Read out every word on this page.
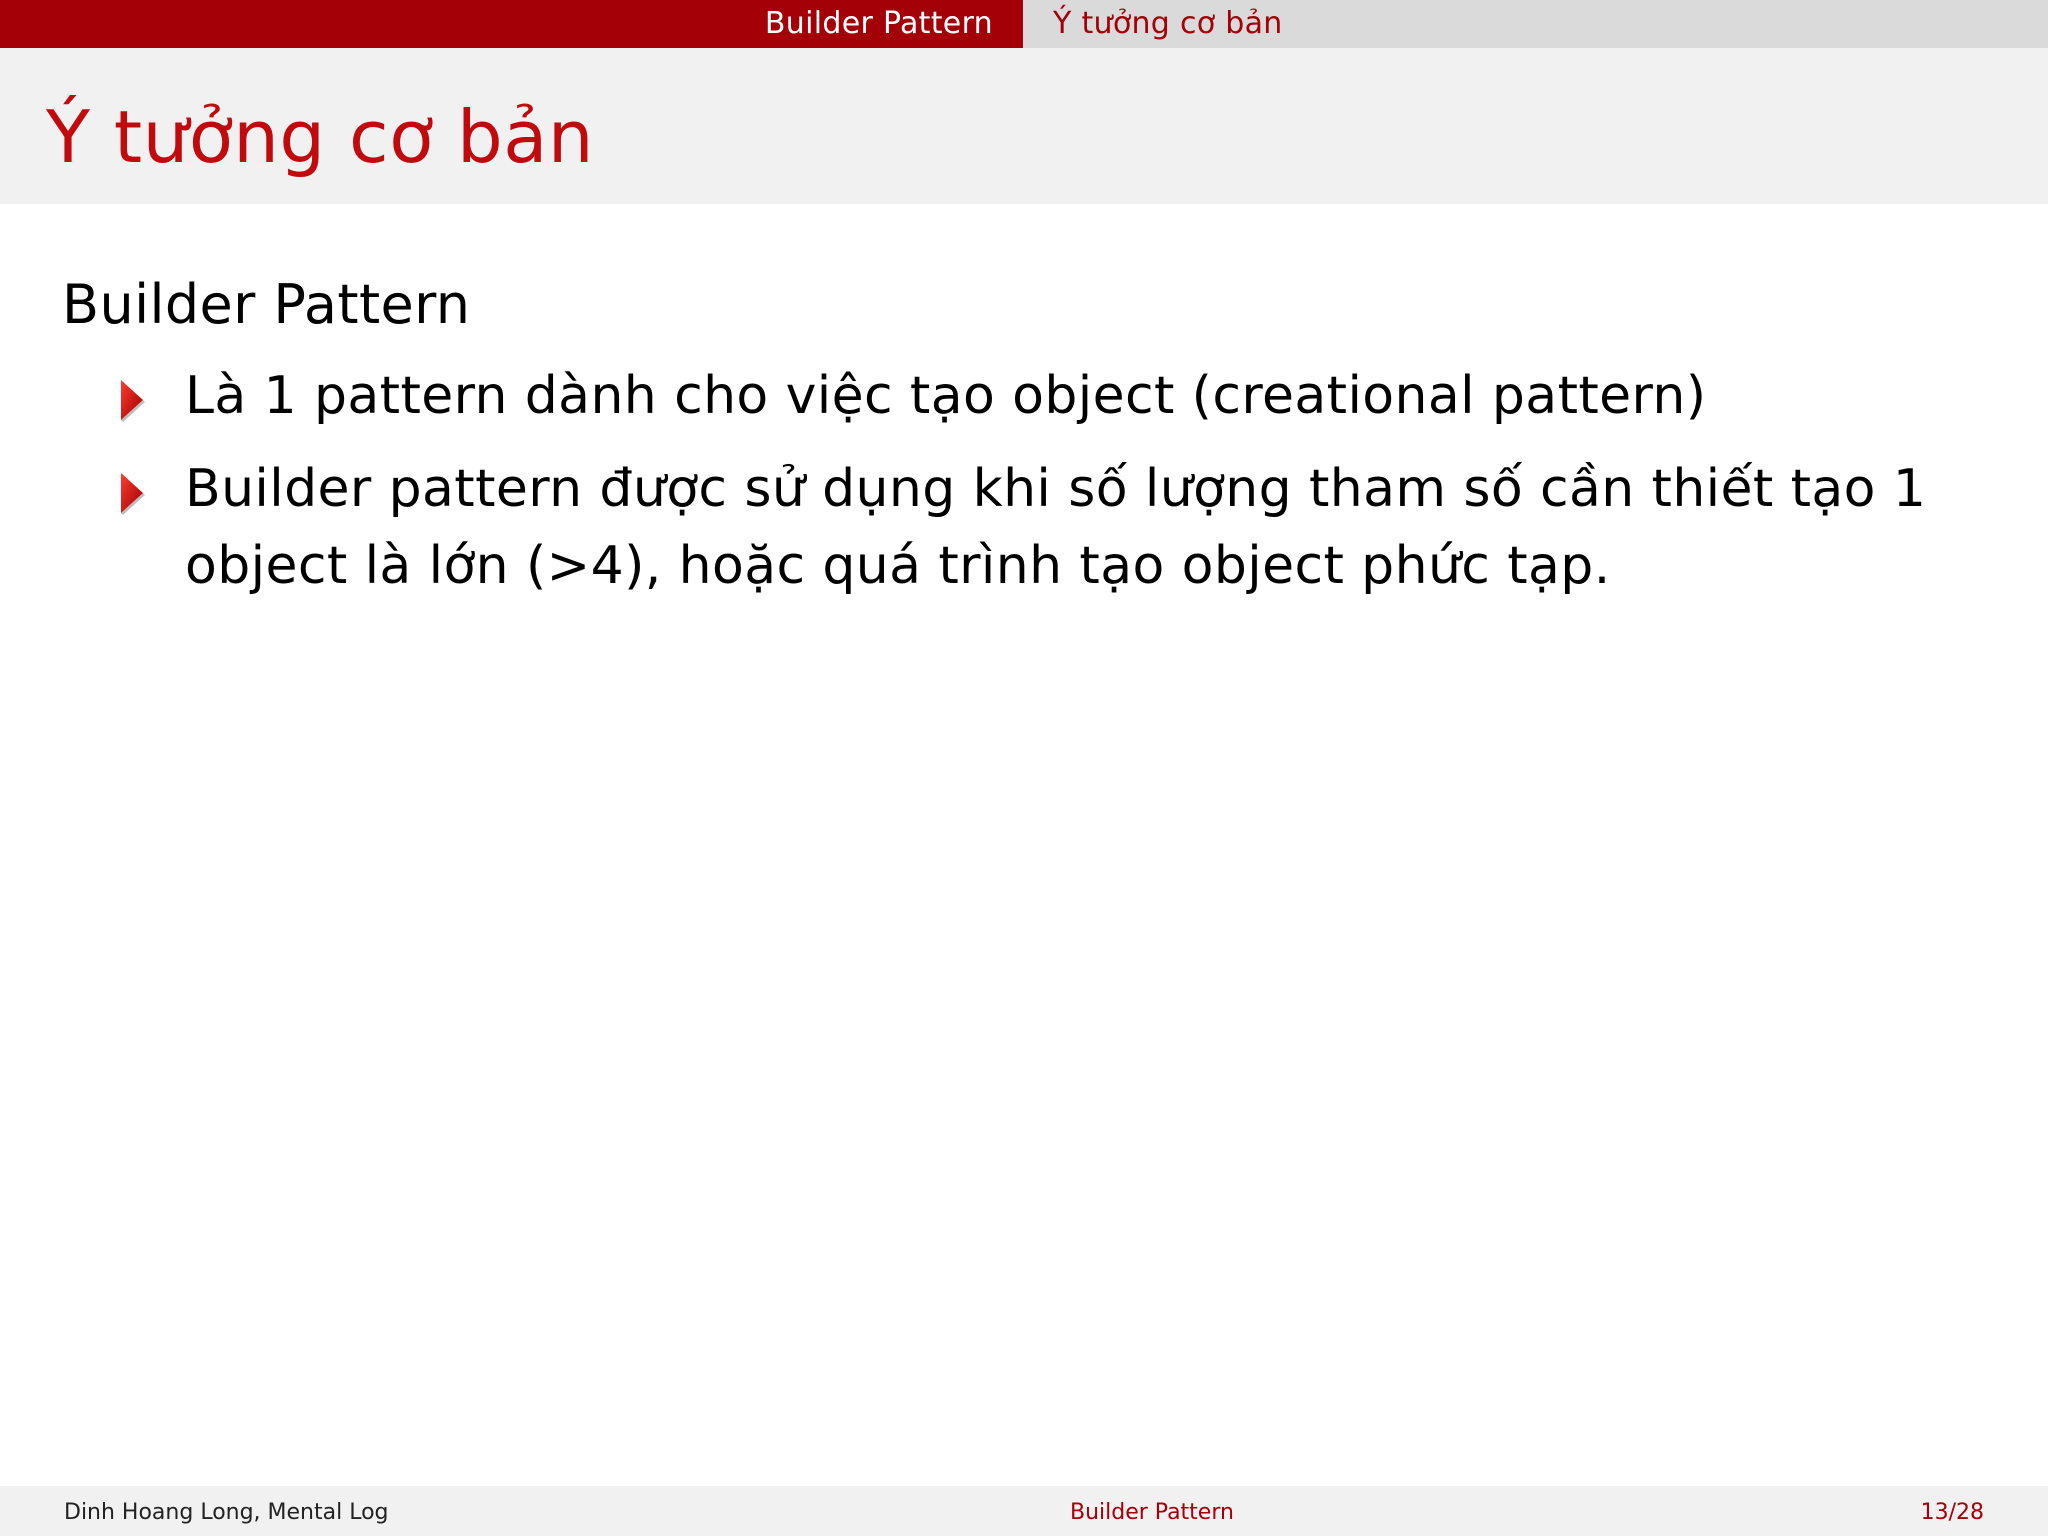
Builder Pattern	Ý tưởng cơ bản
Ý tưởng cơ bản
Builder Pattern
Là 1 pattern dành cho việc tạo object (creational pattern)
Builder pattern được sử dụng khi số lượng tham số cần thiết tạo 1 object là lớn (>4), hoặc quá trình tạo object phức tạp.
Dinh Hoang Long, Mental Log	Builder Pattern	13/28
